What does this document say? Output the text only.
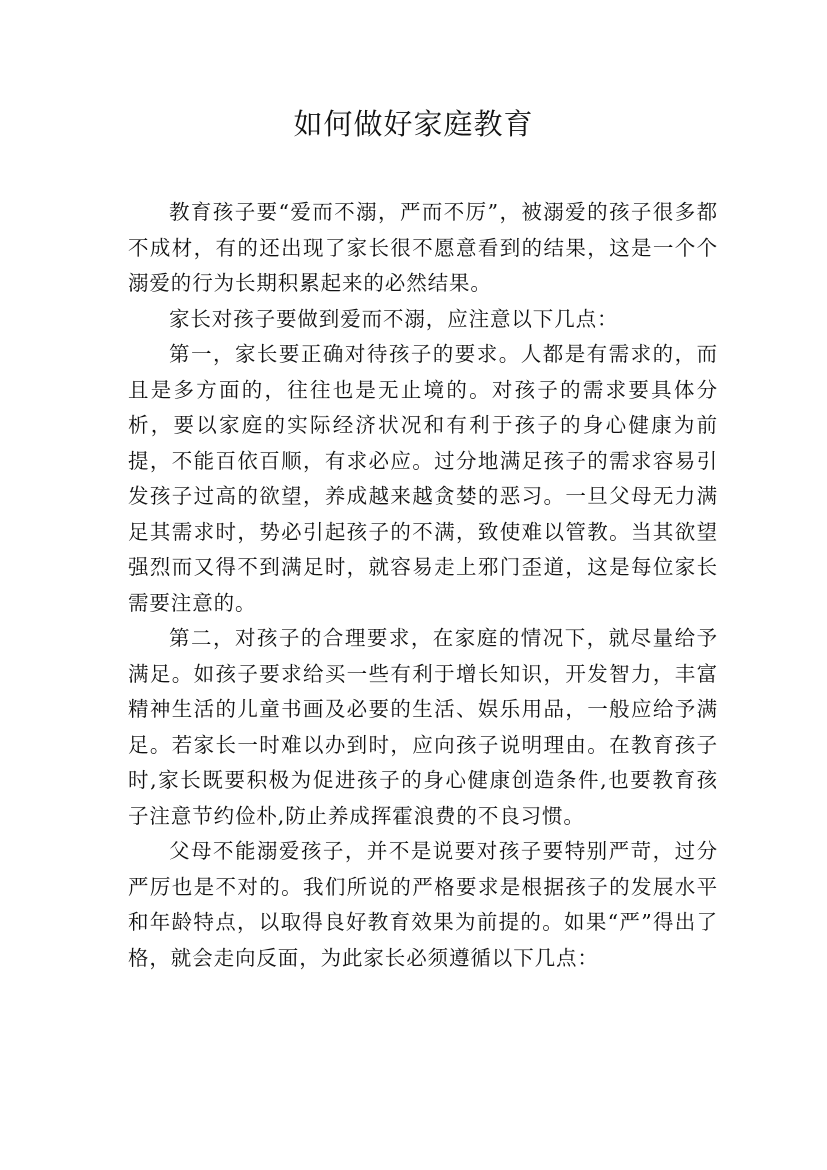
如何做好家庭教育

教育孩子要“爱而不溺，严而不厉”，被溺爱的孩子很多都不成材，有的还出现了家长很不愿意看到的结果，这是一个个溺爱的行为长期积累起来的必然结果。

家长对孩子要做到爱而不溺，应注意以下几点：

第一，家长要正确对待孩子的要求。人都是有需求的，而且是多方面的，往往也是无止境的。对孩子的需求要具体分析，要以家庭的实际经济状况和有利于孩子的身心健康为前提，不能百依百顺，有求必应。过分地满足孩子的需求容易引发孩子过高的欲望，养成越来越贪婪的恶习。一旦父母无力满足其需求时，势必引起孩子的不满，致使难以管教。当其欲望强烈而又得不到满足时，就容易走上邪门歪道，这是每位家长需要注意的。

第二，对孩子的合理要求，在家庭的情况下，就尽量给予满足。如孩子要求给买一些有利于增长知识，开发智力，丰富精神生活的儿童书画及必要的生活、娱乐用品，一般应给予满足。若家长一时难以办到时，应向孩子说明理由。在教育孩子时,家长既要积极为促进孩子的身心健康创造条件,也要教育孩子注意节约俭朴,防止养成挥霍浪费的不良习惯。

父母不能溺爱孩子，并不是说要对孩子要特别严苛，过分严厉也是不对的。我们所说的严格要求是根据孩子的发展水平和年龄特点，以取得良好教育效果为前提的。如果“严”得出了格，就会走向反面，为此家长必须遵循以下几点：
